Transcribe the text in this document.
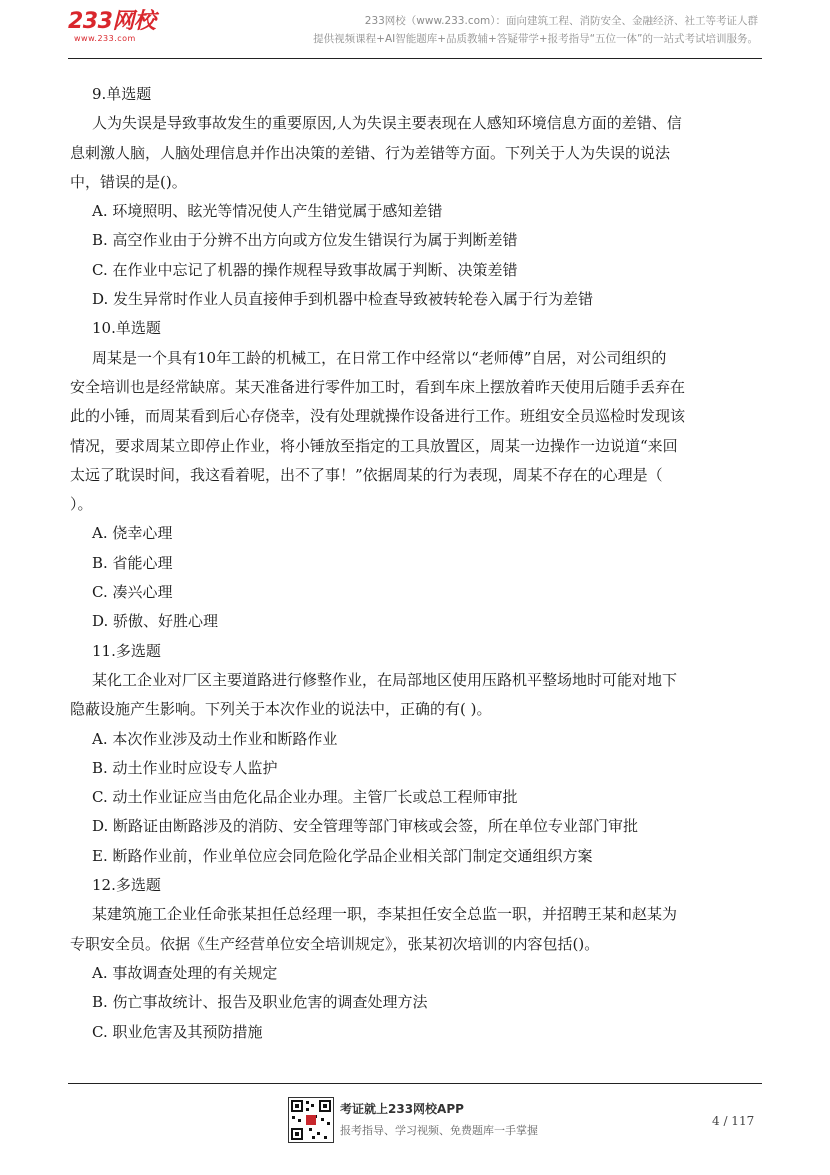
233网校
www.233.com
233网校（www.233.com）：面向建筑工程、消防安全、金融经济、社工等考证人群
提供视频课程+AI智能题库+品质教辅+答疑带学+报考指导“五位一体”的一站式考试培训服务。
9.单选题
人为失误是导致事故发生的重要原因,人为失误主要表现在人感知环境信息方面的差错、信
息刺激人脑，人脑处理信息并作出决策的差错、行为差错等方面。下列关于人为失误的说法
中，错误的是()。
A. 环境照明、眩光等情况使人产生错觉属于感知差错
B. 高空作业由于分辨不出方向或方位发生错误行为属于判断差错
C. 在作业中忘记了机器的操作规程导致事故属于判断、决策差错
D. 发生异常时作业人员直接伸手到机器中检查导致被转轮卷入属于行为差错
10.单选题
周某是一个具有10年工龄的机械工，在日常工作中经常以“老师傅”自居，对公司组织的
安全培训也是经常缺席。某天准备进行零件加工时，看到车床上摆放着昨天使用后随手丢弃在
此的小锤，而周某看到后心存侥幸，没有处理就操作设备进行工作。班组安全员巡检时发现该
情况，要求周某立即停止作业，将小锤放至指定的工具放置区，周某一边操作一边说道“来回
太远了耽误时间，我这看着呢，出不了事！”依据周某的行为表现，周某不存在的心理是（
）。
A. 侥幸心理
B. 省能心理
C. 凑兴心理
D. 骄傲、好胜心理
11.多选题
某化工企业对厂区主要道路进行修整作业，在局部地区使用压路机平整场地时可能对地下
隐蔽设施产生影响。下列关于本次作业的说法中，正确的有( )。
A. 本次作业涉及动土作业和断路作业
B. 动土作业时应设专人监护
C. 动土作业证应当由危化品企业办理。主管厂长或总工程师审批
D. 断路证由断路涉及的消防、安全管理等部门审核或会签，所在单位专业部门审批
E. 断路作业前，作业单位应会同危险化学品企业相关部门制定交通组织方案
12.多选题
某建筑施工企业任命张某担任总经理一职，李某担任安全总监一职，并招聘王某和赵某为
专职安全员。依据《生产经营单位安全培训规定》，张某初次培训的内容包括()。
A. 事故调查处理的有关规定
B. 伤亡事故统计、报告及职业危害的调查处理方法
C. 职业危害及其预防措施
考证就上233网校APP
报考指导、学习视频、免费题库一手掌握
4 / 117
